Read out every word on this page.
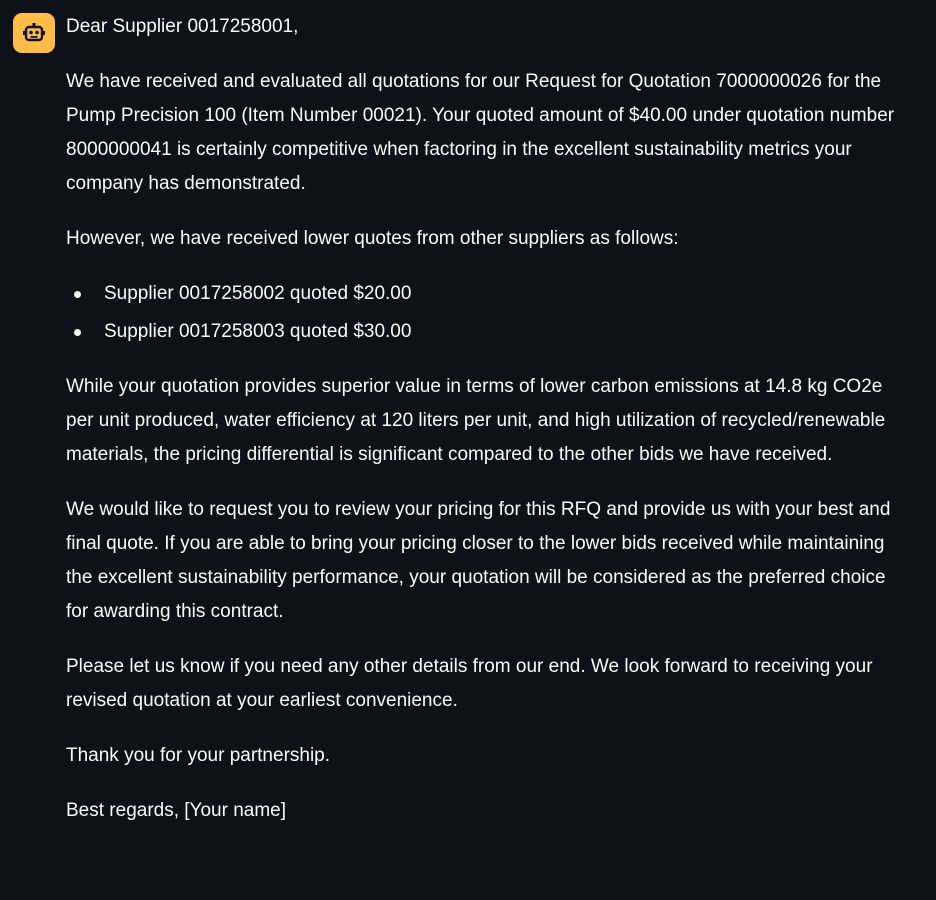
Dear Supplier 0017258001,

We have received and evaluated all quotations for our Request for Quotation 7000000026 for the Pump Precision 100 (Item Number 00021). Your quoted amount of $40.00 under quotation number 8000000041 is certainly competitive when factoring in the excellent sustainability metrics your company has demonstrated.

However, we have received lower quotes from other suppliers as follows:

Supplier 0017258002 quoted $20.00
Supplier 0017258003 quoted $30.00

While your quotation provides superior value in terms of lower carbon emissions at 14.8 kg CO2e per unit produced, water efficiency at 120 liters per unit, and high utilization of recycled/renewable materials, the pricing differential is significant compared to the other bids we have received.

We would like to request you to review your pricing for this RFQ and provide us with your best and final quote. If you are able to bring your pricing closer to the lower bids received while maintaining the excellent sustainability performance, your quotation will be considered as the preferred choice for awarding this contract.

Please let us know if you need any other details from our end. We look forward to receiving your revised quotation at your earliest convenience.

Thank you for your partnership.

Best regards, [Your name]
